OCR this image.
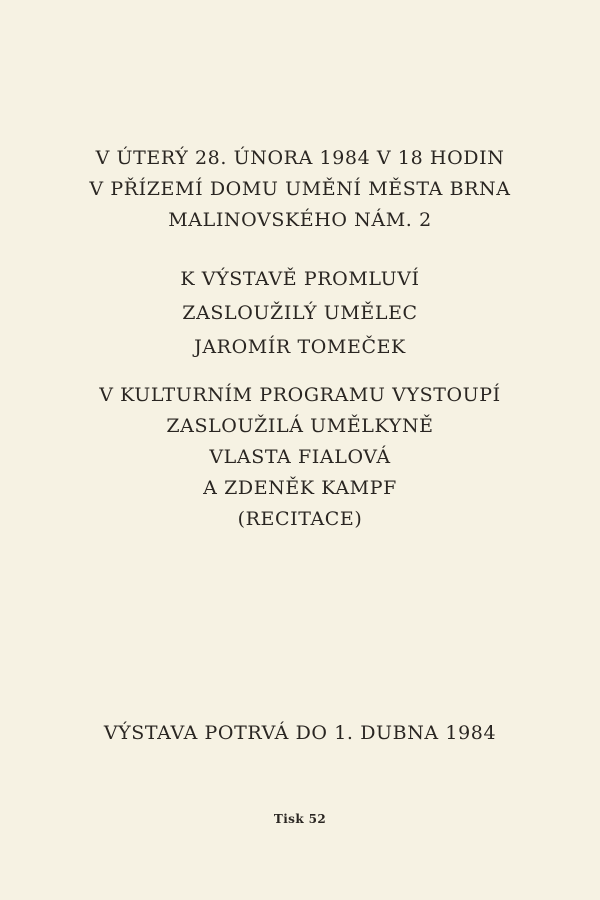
V ÚTERÝ 28. ÚNORA 1984 V 18 HODIN
V PŘÍZEMÍ DOMU UMĚNÍ MĚSTA BRNA
MALINOVSKÉHO NÁM. 2
K VÝSTAVĚ PROMLUVÍ
ZASLOUŽILÝ UMĚLEC
JAROMÍR TOMEČEK
V KULTURNÍM PROGRAMU VYSTOUPÍ
ZASLOUŽILÁ UMĚLKYNĚ
VLASTA FIALOVÁ
A ZDENĚK KAMPF
(RECITACE)
VÝSTAVA POTRVÁ DO 1. DUBNA 1984
Tisk 52
